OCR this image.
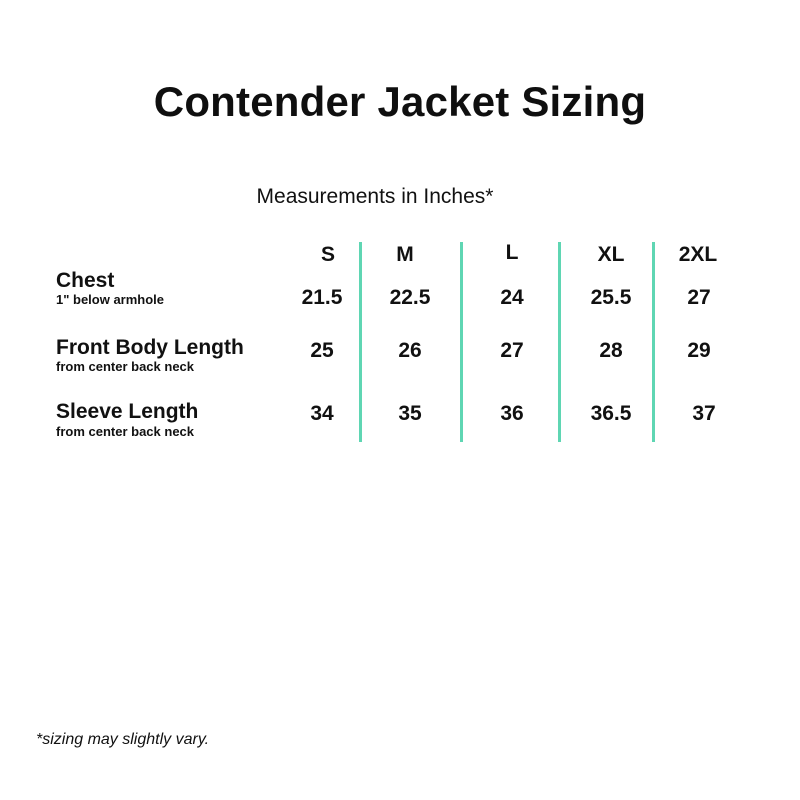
Contender Jacket Sizing
Measurements in Inches*
S	M	L	XL	2XL
Chest
1" below armhole	21.5	22.5	24	25.5	27
Front Body Length
from center back neck
25	26	27	28	29
Sleeve Length
from center back neck
34	35	36	36.5	37
*sizing may slightly vary.
